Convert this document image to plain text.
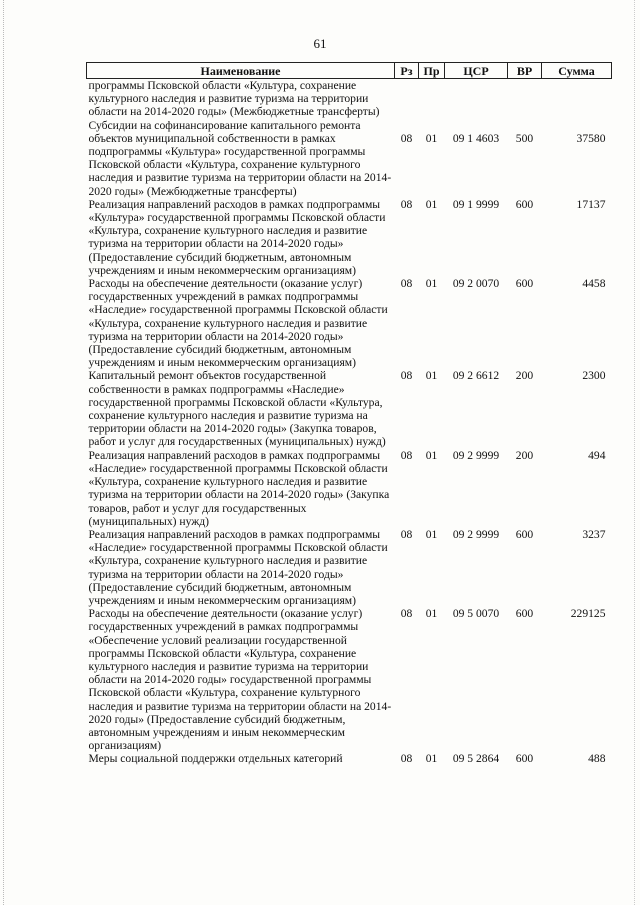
61
Наименование	Рз	Пр	ЦСР	ВР	Сумма
программы Псковской области «Культура, сохранение культурного наследия и развитие туризма на территории области на 2014-2020 годы» (Межбюджетные трансферты)					
Субсидии на софинансирование капитального ремонта объектов муниципальной собственности в рамках подпрограммы «Культура» государственной программы Псковской области «Культура, сохранение культурного наследия и развитие туризма на территории области на 2014-2020 годы» (Межбюджетные трансферты)	08	01	09 1 4603	500	37580
Реализация направлений расходов в рамках подпрограммы «Культура» государственной программы Псковской области «Культура, сохранение культурного наследия и развитие туризма на территории области на 2014-2020 годы» (Предоставление субсидий бюджетным, автономным учреждениям и иным некоммерческим организациям)	08	01	09 1 9999	600	17137
Расходы на обеспечение деятельности (оказание услуг) государственных учреждений в рамках подпрограммы «Наследие» государственной программы Псковской области «Культура, сохранение культурного наследия и развитие туризма на территории области на 2014-2020 годы» (Предоставление субсидий бюджетным, автономным учреждениям и иным некоммерческим организациям)	08	01	09 2 0070	600	4458
Капитальный ремонт объектов государственной собственности в рамках подпрограммы «Наследие» государственной программы Псковской области «Культура, сохранение культурного наследия и развитие туризма на территории области на 2014-2020 годы» (Закупка товаров, работ и услуг для государственных (муниципальных) нужд)	08	01	09 2 6612	200	2300
Реализация направлений расходов в рамках подпрограммы «Наследие» государственной программы Псковской области «Культура, сохранение культурного наследия и развитие туризма на территории области на 2014-2020 годы» (Закупка товаров, работ и услуг для государственных (муниципальных) нужд)	08	01	09 2 9999	200	494
Реализация направлений расходов в рамках подпрограммы «Наследие» государственной программы Псковской области «Культура, сохранение культурного наследия и развитие туризма на территории области на 2014-2020 годы» (Предоставление субсидий бюджетным, автономным учреждениям и иным некоммерческим организациям)	08	01	09 2 9999	600	3237
Расходы на обеспечение деятельности (оказание услуг) государственных учреждений в рамках подпрограммы «Обеспечение условий реализации государственной программы Псковской области «Культура, сохранение культурного наследия и развитие туризма на территории области на 2014-2020 годы» государственной программы Псковской области «Культура, сохранение культурного наследия и развитие туризма на территории области на 2014-2020 годы» (Предоставление субсидий бюджетным, автономным учреждениям и иным некоммерческим организациям)	08	01	09 5 0070	600	229125
Меры социальной поддержки отдельных категорий	08	01	09 5 2864	600	488
